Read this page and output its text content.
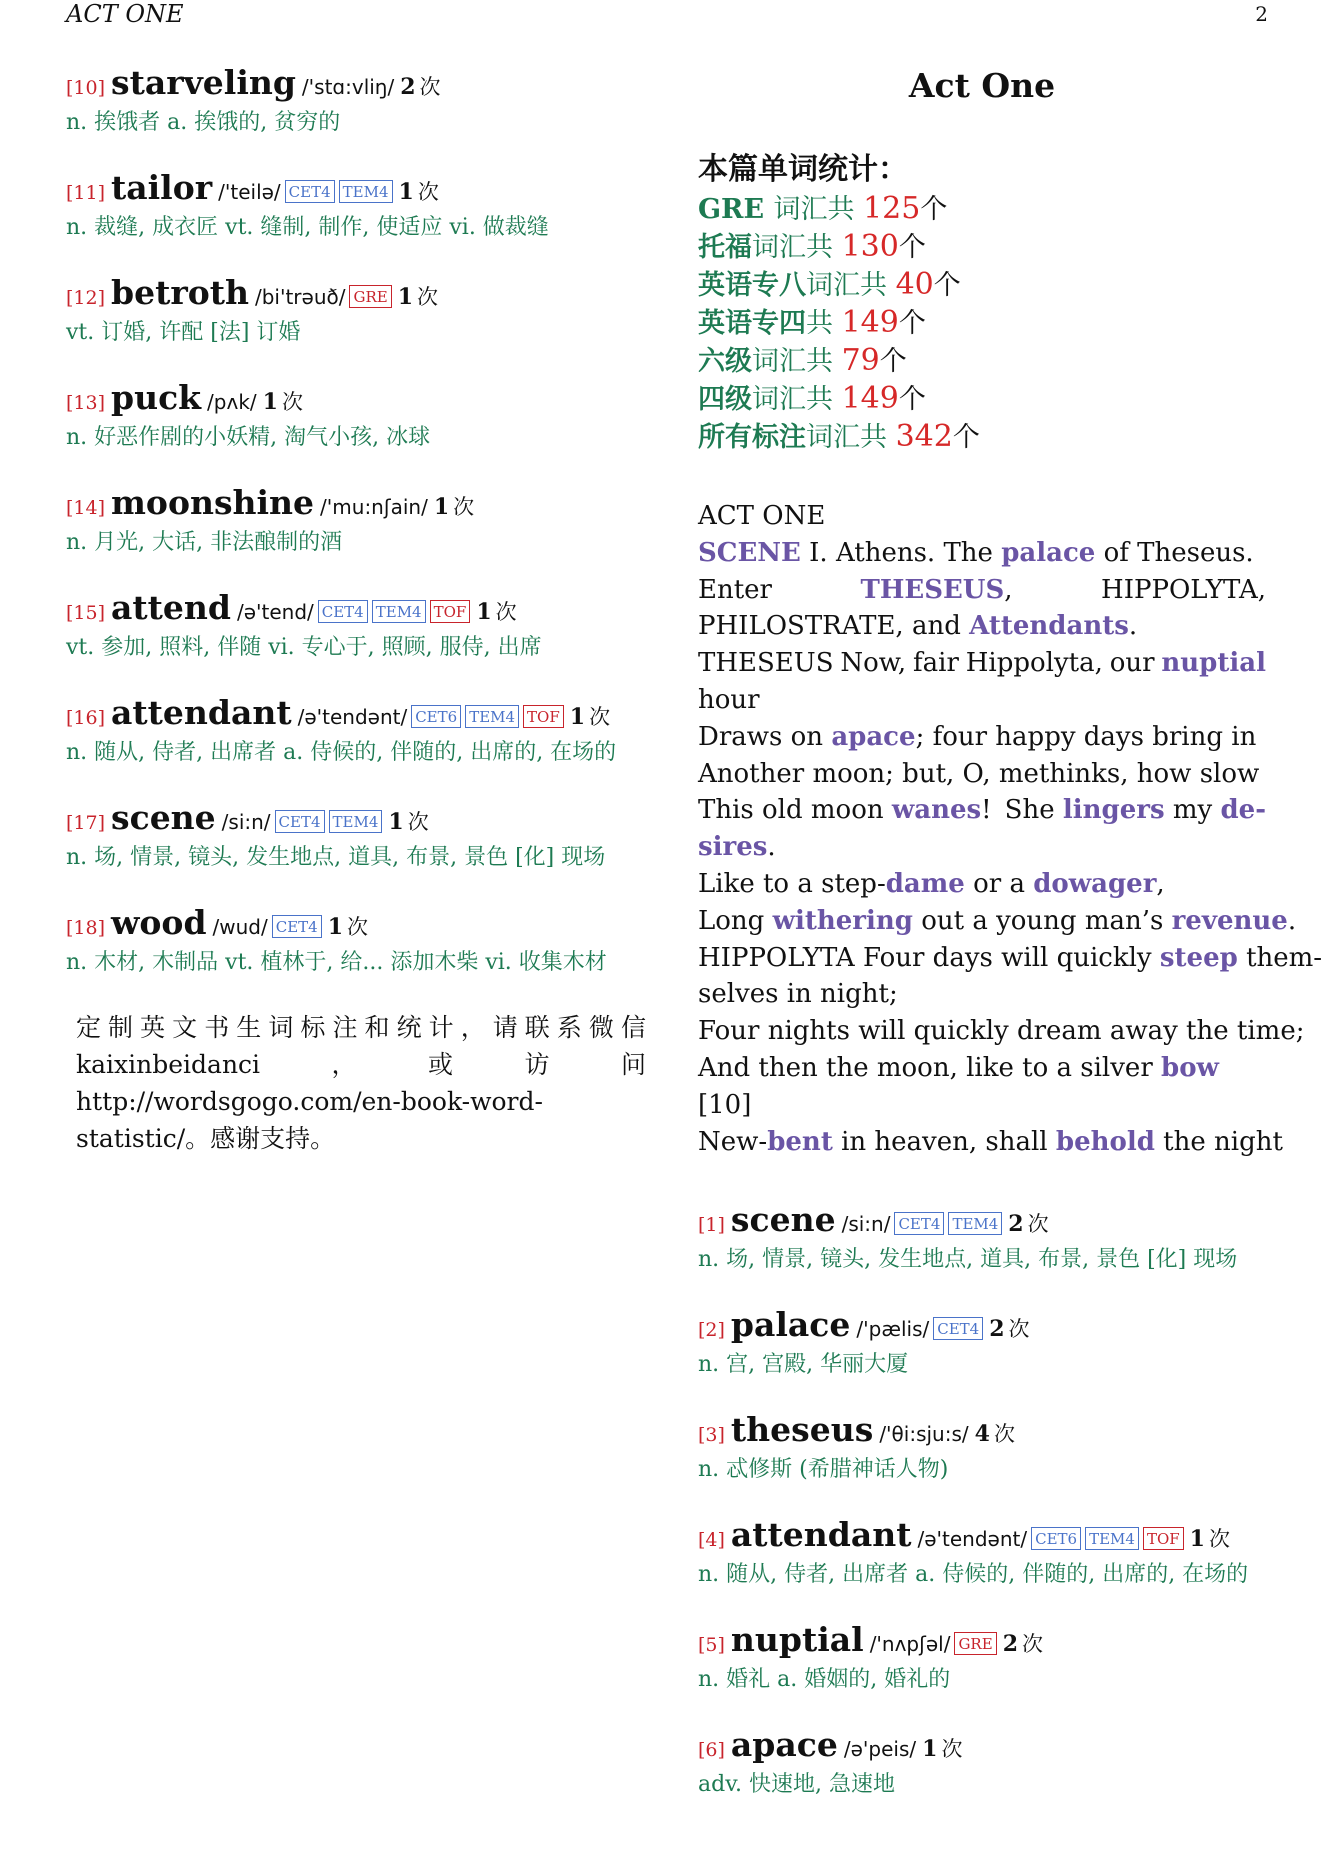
ACT ONE	2
[10] starveling /'stɑ:vliŋ/ 2 次
n. 挨饿者 a. 挨饿的, 贫穷的
[11] tailor /'teilə/ CET4 TEM4 1 次
n. 裁缝, 成衣匠 vt. 缝制, 制作, 使适应 vi. 做裁缝
[12] betroth /bi'trəuð/ GRE 1 次
vt. 订婚, 许配 [法] 订婚
[13] puck /pʌk/ 1 次
n. 好恶作剧的小妖精, 淘气小孩, 冰球
[14] moonshine /'mu:nʃain/ 1 次
n. 月光, 大话, 非法酿制的酒
[15] attend /ə'tend/ CET4 TEM4 TOF 1 次
vt. 参加, 照料, 伴随 vi. 专心于, 照顾, 服侍, 出席
[16] attendant /ə'tendənt/ CET6 TEM4 TOF 1 次
n. 随从, 侍者, 出席者 a. 侍候的, 伴随的, 出席的, 在场的
[17] scene /si:n/ CET4 TEM4 1 次
n. 场, 情景, 镜头, 发生地点, 道具, 布景, 景色 [化] 现场
[18] wood /wud/ CET4 1 次
n. 木材, 木制品 vt. 植林于, 给... 添加木柴 vi. 收集木材
定制英文书生词标注和统计，请联系微信 kaixinbeidanci，或访问 http://wordsgogo.com/en-book-word-statistic/。感谢支持。
Act One
本篇单词统计：
GRE 词汇共 125个
托福词汇共 130个
英语专八词汇共 40个
英语专四共 149个
六级词汇共 79个
四级词汇共 149个
所有标注词汇共 342个
ACT ONE
SCENE I. Athens. The palace of Theseus.
Enter	THESEUS,	HIPPOLYTA,
PHILOSTRATE, and Attendants.
THESEUS Now, fair Hippolyta, our nuptial
hour
Draws on apace; four happy days bring in
Another moon; but, O, methinks, how slow
This old moon wanes! She lingers my de-
sires.
Like to a step-dame or a dowager,
Long withering out a young man’s revenue.
HIPPOLYTA Four days will quickly steep them-
selves in night;
Four nights will quickly dream away the time;
And then the moon, like to a silver bow
[10]
New-bent in heaven, shall behold the night
[1] scene /si:n/ CET4 TEM4 2 次
n. 场, 情景, 镜头, 发生地点, 道具, 布景, 景色 [化] 现场
[2] palace /'pælis/ CET4 2 次
n. 宫, 宫殿, 华丽大厦
[3] theseus /'θi:sju:s/ 4 次
n. 忒修斯 (希腊神话人物)
[4] attendant /ə'tendənt/ CET6 TEM4 TOF 1 次
n. 随从, 侍者, 出席者 a. 侍候的, 伴随的, 出席的, 在场的
[5] nuptial /'nʌpʃəl/ GRE 2 次
n. 婚礼 a. 婚姻的, 婚礼的
[6] apace /ə'peis/ 1 次
adv. 快速地, 急速地
